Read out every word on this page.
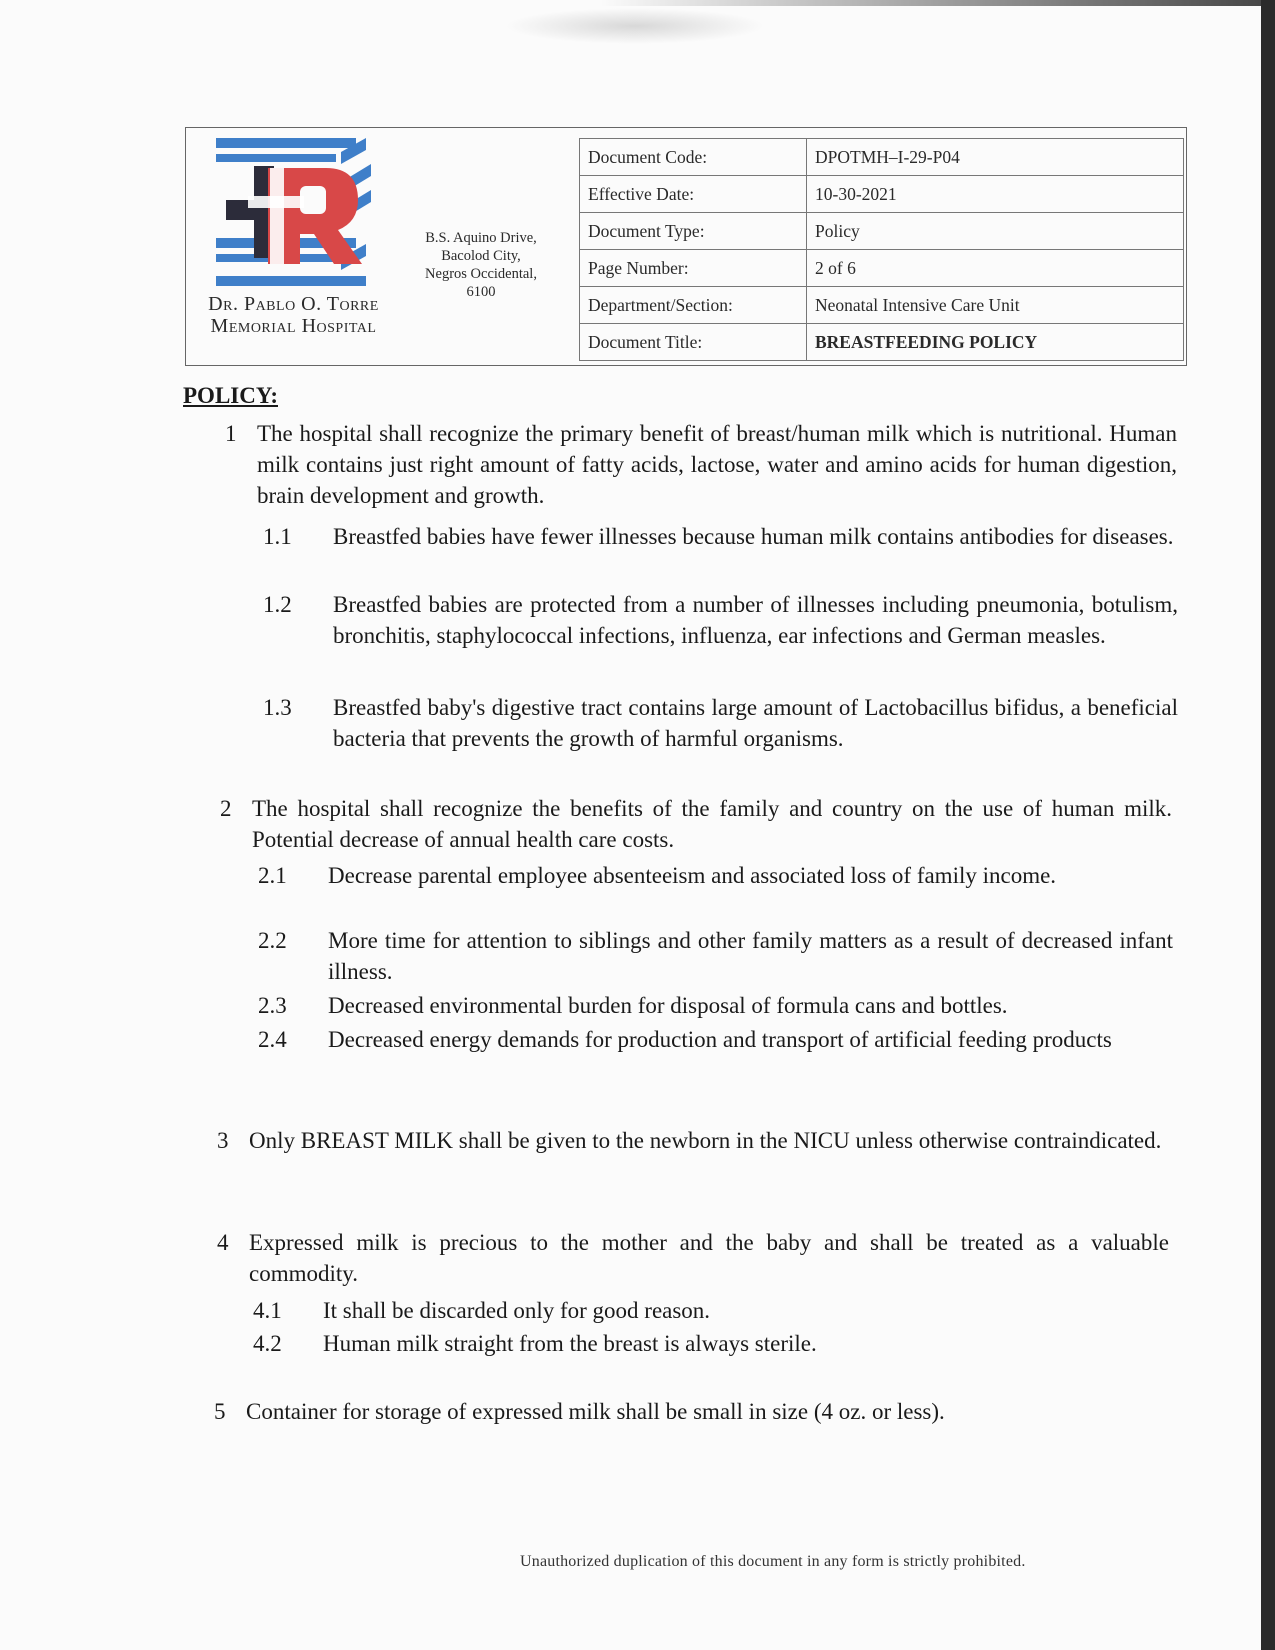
Dr. Pablo O. Torre
Memorial Hospital
B.S. Aquino Drive,
Bacolod City,
Negros Occidental,
6100
Document Code:	DPOTMH–I-29-P04
Effective Date:	10-30-2021
Document Type:	Policy
Page Number:	2 of 6
Department/Section:	Neonatal Intensive Care Unit
Document Title:	BREASTFEEDING POLICY
POLICY:
1 The hospital shall recognize the primary benefit of breast/human milk which is nutritional. Human milk contains just right amount of fatty acids, lactose, water and amino acids for human digestion, brain development and growth.
1.1 Breastfed babies have fewer illnesses because human milk contains antibodies for diseases.
1.2 Breastfed babies are protected from a number of illnesses including pneumonia, botulism, bronchitis, staphylococcal infections, influenza, ear infections and German measles.
1.3 Breastfed baby's digestive tract contains large amount of Lactobacillus bifidus, a beneficial bacteria that prevents the growth of harmful organisms.
2 The hospital shall recognize the benefits of the family and country on the use of human milk. Potential decrease of annual health care costs.
2.1 Decrease parental employee absenteeism and associated loss of family income.
2.2 More time for attention to siblings and other family matters as a result of decreased infant illness.
2.3 Decreased environmental burden for disposal of formula cans and bottles.
2.4 Decreased energy demands for production and transport of artificial feeding products
3 Only BREAST MILK shall be given to the newborn in the NICU unless otherwise contraindicated.
4 Expressed milk is precious to the mother and the baby and shall be treated as a valuable commodity.
4.1 It shall be discarded only for good reason.
4.2 Human milk straight from the breast is always sterile.
5 Container for storage of expressed milk shall be small in size (4 oz. or less).
Unauthorized duplication of this document in any form is strictly prohibited.
